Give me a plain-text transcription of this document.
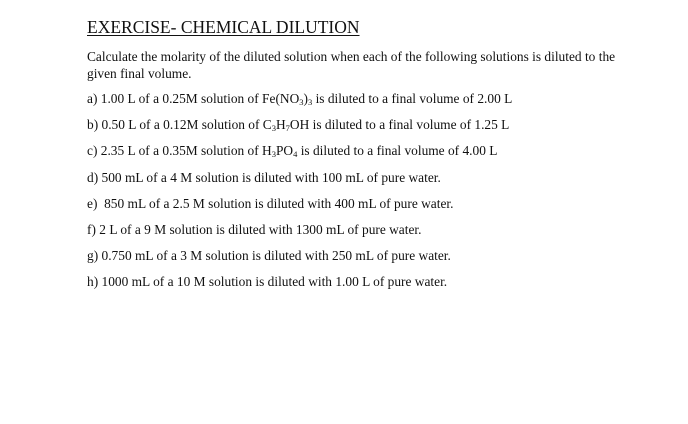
EXERCISE- CHEMICAL DILUTION

Calculate the molarity of the diluted solution when each of the following solutions is diluted to the given final volume.

a) 1.00 L of a 0.25M solution of $Fe(NO_3)_3$ is diluted to a final volume of 2.00 L
b) 0.50 L of a 0.12M solution of $C_3H_7OH$ is diluted to a final volume of 1.25 L
c) 2.35 L of a 0.35M solution of $H_3PO_4$ is diluted to a final volume of 4.00 L
d) 500 mL of a 4 M solution is diluted with 100 mL of pure water.
e)  850 mL of a 2.5 M solution is diluted with 400 mL of pure water.
f) 2 L of a 9 M solution is diluted with 1300 mL of pure water.
g) 0.750 mL of a 3 M solution is diluted with 250 mL of pure water.
h) 1000 mL of a 10 M solution is diluted with 1.00 L of pure water.
